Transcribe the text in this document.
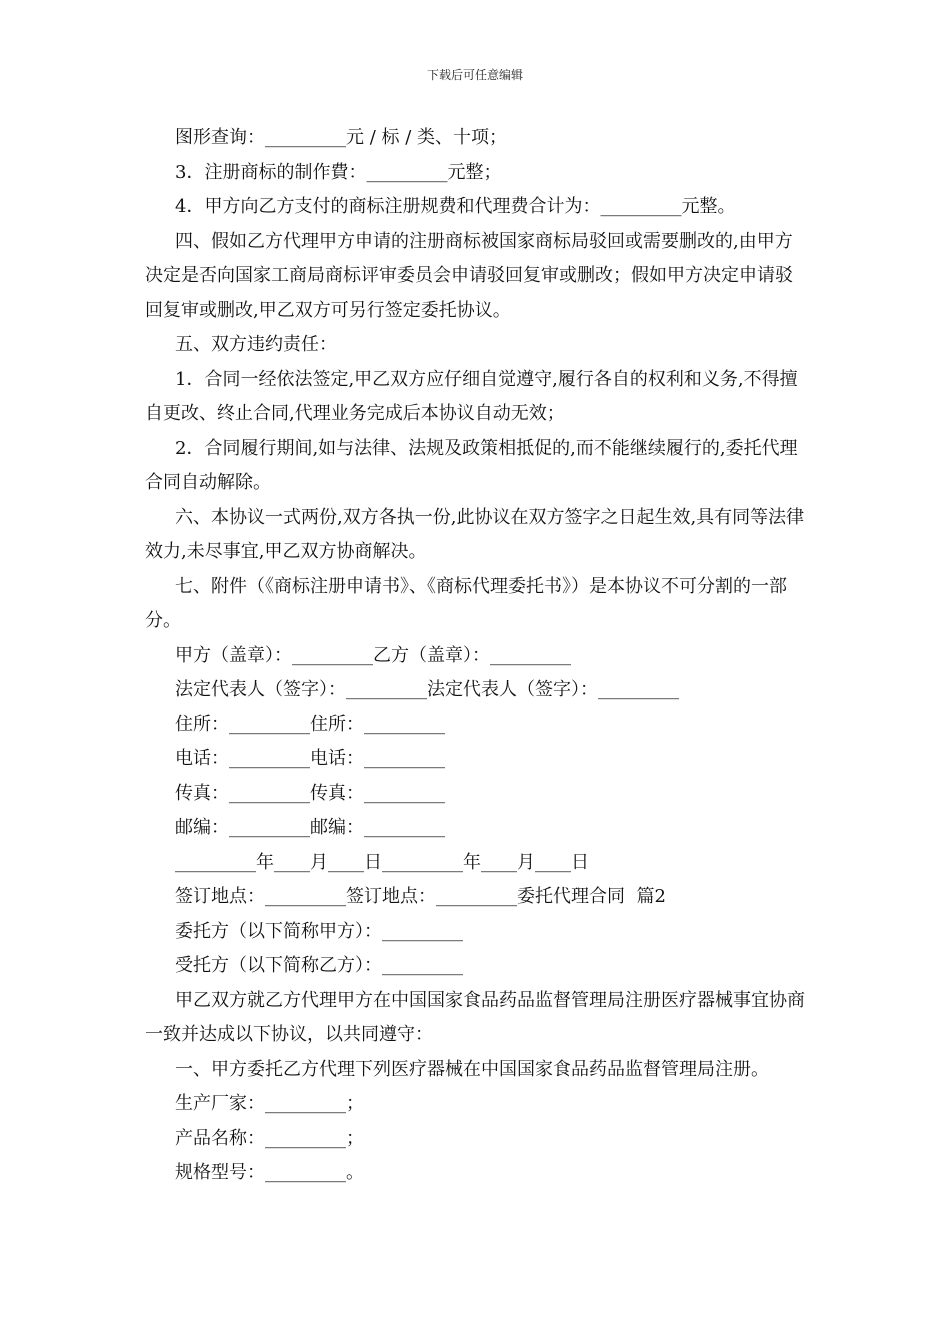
下载后可任意编辑

图形查询：_________元 / 标 / 类、十项；

3．注册商标的制作費：_________元整；

4．甲方向乙方支付的商标注册规费和代理费合计为：_________元整。

四、假如乙方代理甲方申请的注册商标被国家商标局驳回或需要删改的,由甲方决定是否向国家工商局商标评审委员会申请驳回复审或删改；假如甲方决定申请驳回复审或删改,甲乙双方可另行签定委托协议。

五、双方违约责任：

1．合同一经依法签定,甲乙双方应仔细自觉遵守,履行各自的权利和义务,不得擅自更改、终止合同,代理业务完成后本协议自动无效；

2．合同履行期间,如与法律、法规及政策相抵促的,而不能继续履行的,委托代理合同自动解除。

六、本协议一式两份,双方各执一份,此协议在双方签字之日起生效,具有同等法律效力,未尽事宜,甲乙双方协商解决。

七、附件（《商标注册申请书》、《商标代理委托书》）是本协议不可分割的一部分。

甲方（盖章）：_________乙方（盖章）：_________

法定代表人（签字）：_________法定代表人（签字）：_________

住所：_________住所：_________

电话：_________电话：_________

传真：_________传真：_________

邮编：_________邮编：_________

_________年____月____日_________年____月____日

签订地点：_________签订地点：_________委托代理合同  篇2

委托方（以下简称甲方）：_________

受托方（以下简称乙方）：_________

甲乙双方就乙方代理甲方在中国国家食品药品监督管理局注册医疗器械事宜协商一致并达成以下协议，以共同遵守：

一、甲方委托乙方代理下列医疗器械在中国国家食品药品监督管理局注册。

生产厂家：_________；

产品名称：_________；

规格型号：_________。
